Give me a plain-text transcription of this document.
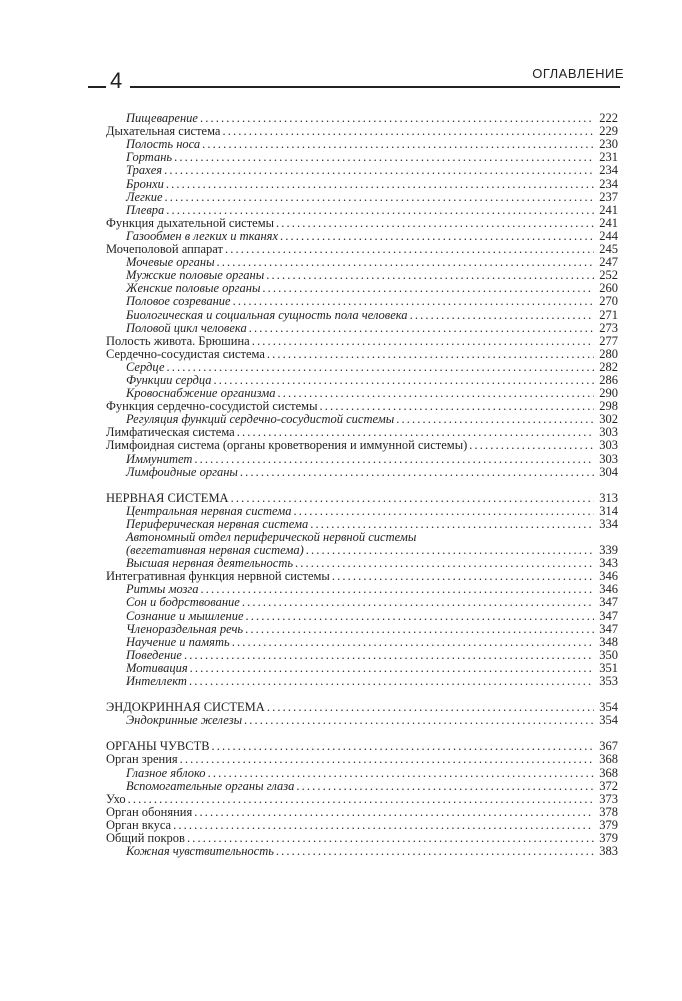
4	ОГЛАВЛЕНИЕ
Пищеварение . . .	222
Дыхательная система . . .	229
Полость носа . . .	230
Гортань . . .	231
Трахея . . .	234
Бронхи . . .	234
Легкие . . .	237
Плевра . . .	241
Функция дыхательной системы . . .	241
Газообмен в легких и тканях . . .	244
Мочеполовой аппарат . . .	245
Мочевые органы . . .	247
Мужские половые органы . . .	252
Женские половые органы . . .	260
Половое созревание . . .	270
Биологическая и социальная сущность пола человека . . .	271
Половой цикл человека . . .	273
Полость живота. Брюшина . . .	277
Сердечно-сосудистая система . . .	280
Сердце . . .	282
Функции сердца . . .	286
Кровоснабжение организма . . .	290
Функция сердечно-сосудистой системы . . .	298
Регуляция функций сердечно-сосудистой системы . . .	302
Лимфатическая система . . .	303
Лимфоидная система (органы кроветворения и иммунной системы) . . .	303
Иммунитет . . .	303
Лимфоидные органы . . .	304
НЕРВНАЯ СИСТЕМА . . .	313
Центральная нервная система . . .	314
Периферическая нервная система . . .	334
Автономный отдел периферической нервной системы
(вегетативная нервная система) . . .	339
Высшая нервная деятельность . . .	343
Интегративная функция нервной системы . . .	346
Ритмы мозга . . .	346
Сон и бодрствование . . .	347
Сознание и мышление . . .	347
Членораздельная речь . . .	347
Научение и память . . .	348
Поведение . . .	350
Мотивация . . .	351
Интеллект . . .	353
ЭНДОКРИННАЯ СИСТЕМА . . .	354
Эндокринные железы . . .	354
ОРГАНЫ ЧУВСТВ . . .	367
Орган зрения . . .	368
Глазное яблоко . . .	368
Вспомогательные органы глаза . . .	372
Ухо . . .	373
Орган обоняния . . .	378
Орган вкуса . . .	379
Общий покров . . .	379
Кожная чувствительность . . .	383
